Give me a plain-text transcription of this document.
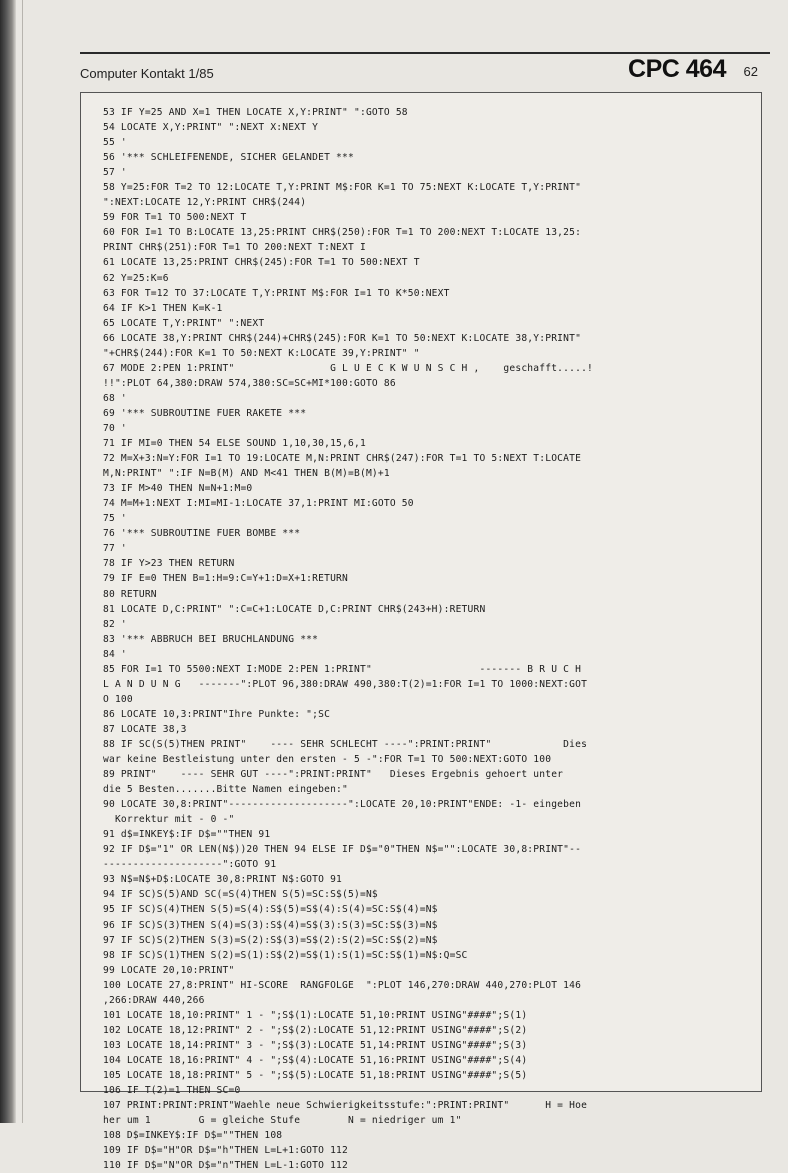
Computer Kontakt 1/85	CPC 464 62
53 IF Y=25 AND X=1 THEN LOCATE X,Y:PRINT" ":GOTO 58
54 LOCATE X,Y:PRINT" ":NEXT X:NEXT Y
55 '
56 '*** SCHLEIFENENDE, SICHER GELANDET ***
57 '
58 Y=25:FOR T=2 TO 12:LOCATE T,Y:PRINT M$:FOR K=1 TO 75:NEXT K:LOCATE T,Y:PRINT"
":NEXT:LOCATE 12,Y:PRINT CHR$(244)
59 FOR T=1 TO 500:NEXT T
60 FOR I=1 TO B:LOCATE 13,25:PRINT CHR$(250):FOR T=1 TO 200:NEXT T:LOCATE 13,25:
PRINT CHR$(251):FOR T=1 TO 200:NEXT T:NEXT I
61 LOCATE 13,25:PRINT CHR$(245):FOR T=1 TO 500:NEXT T
62 Y=25:K=6
63 FOR T=12 TO 37:LOCATE T,Y:PRINT M$:FOR I=1 TO K*50:NEXT
64 IF K>1 THEN K=K-1
65 LOCATE T,Y:PRINT" ":NEXT
66 LOCATE 38,Y:PRINT CHR$(244)+CHR$(245):FOR K=1 TO 50:NEXT K:LOCATE 38,Y:PRINT"
"+CHR$(244):FOR K=1 TO 50:NEXT K:LOCATE 39,Y:PRINT" "
67 MODE 2:PEN 1:PRINT"                G L U E C K W U N S C H ,    geschafft.....!
!!":PLOT 64,380:DRAW 574,380:SC=SC+MI*100:GOTO 86
68 '
69 '*** SUBROUTINE FUER RAKETE ***
70 '
71 IF MI=0 THEN 54 ELSE SOUND 1,10,30,15,6,1
72 M=X+3:N=Y:FOR I=1 TO 19:LOCATE M,N:PRINT CHR$(247):FOR T=1 TO 5:NEXT T:LOCATE
M,N:PRINT" ":IF N=B(M) AND M<41 THEN B(M)=B(M)+1
73 IF M>40 THEN N=N+1:M=0
74 M=M+1:NEXT I:MI=MI-1:LOCATE 37,1:PRINT MI:GOTO 50
75 '
76 '*** SUBROUTINE FUER BOMBE ***
77 '
78 IF Y>23 THEN RETURN
79 IF E=0 THEN B=1:H=9:C=Y+1:D=X+1:RETURN
80 RETURN
81 LOCATE D,C:PRINT" ":C=C+1:LOCATE D,C:PRINT CHR$(243+H):RETURN
82 '
83 '*** ABBRUCH BEI BRUCHLANDUNG ***
84 '
85 FOR I=1 TO 5500:NEXT I:MODE 2:PEN 1:PRINT"                  ------- B R U C H
L A N D U N G   -------":PLOT 96,380:DRAW 490,380:T(2)=1:FOR I=1 TO 1000:NEXT:GOT
O 100
86 LOCATE 10,3:PRINT"Ihre Punkte: ";SC
87 LOCATE 38,3
88 IF SC(S(5)THEN PRINT"    ---- SEHR SCHLECHT ----":PRINT:PRINT"            Dies
war keine Bestleistung unter den ersten - 5 -":FOR T=1 TO 500:NEXT:GOTO 100
89 PRINT"    ---- SEHR GUT ----":PRINT:PRINT"   Dieses Ergebnis gehoert unter
die 5 Besten.......Bitte Namen eingeben:"
90 LOCATE 30,8:PRINT"--------------------":LOCATE 20,10:PRINT"ENDE: -1- eingeben
Korrektur mit - 0 -"
91 d$=INKEY$:IF D$=""THEN 91
92 IF D$="1" OR LEN(N$))20 THEN 94 ELSE IF D$="0"THEN N$="":LOCATE 30,8:PRINT"--
--------------------":GOTO 91
93 N$=N$+D$:LOCATE 30,8:PRINT N$:GOTO 91
94 IF SC)S(5)AND SC(=S(4)THEN S(5)=SC:S$(5)=N$
95 IF SC)S(4)THEN S(5)=S(4):S$(5)=S$(4):S(4)=SC:S$(4)=N$
96 IF SC)S(3)THEN S(4)=S(3):S$(4)=S$(3):S(3)=SC:S$(3)=N$
97 IF SC)S(2)THEN S(3)=S(2):S$(3)=S$(2):S(2)=SC:S$(2)=N$
98 IF SC)S(1)THEN S(2)=S(1):S$(2)=S$(1):S(1)=SC:S$(1)=N$:Q=SC
99 LOCATE 20,10:PRINT"
100 LOCATE 27,8:PRINT" HI-SCORE  RANGFOLGE  ":PLOT 146,270:DRAW 440,270:PLOT 146
,266:DRAW 440,266
101 LOCATE 18,10:PRINT" 1 - ";S$(1):LOCATE 51,10:PRINT USING"####";S(1)
102 LOCATE 18,12:PRINT" 2 - ";S$(2):LOCATE 51,12:PRINT USING"####";S(2)
103 LOCATE 18,14:PRINT" 3 - ";S$(3):LOCATE 51,14:PRINT USING"####";S(3)
104 LOCATE 18,16:PRINT" 4 - ";S$(4):LOCATE 51,16:PRINT USING"####";S(4)
105 LOCATE 18,18:PRINT" 5 - ";S$(5):LOCATE 51,18:PRINT USING"####";S(5)
106 IF T(2)=1 THEN SC=0
107 PRINT:PRINT:PRINT"Waehle neue Schwierigkeitsstufe:":PRINT:PRINT"      H = Hoe
her um 1        G = gleiche Stufe        N = niedriger um 1"
108 D$=INKEY$:IF D$=""THEN 108
109 IF D$="H"OR D$="h"THEN L=L+1:GOTO 112
110 IF D$="N"OR D$="n"THEN L=L-1:GOTO 112
